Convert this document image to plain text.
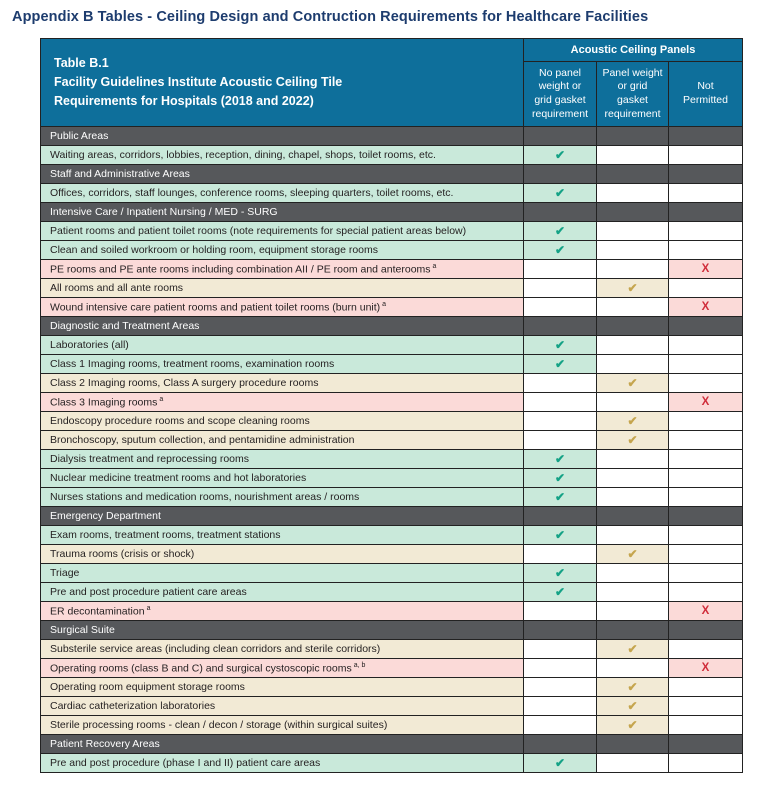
Appendix B Tables - Ceiling Design and Contruction Requirements for Healthcare Facilities
Table B.1
Facility Guidelines Institute Acoustic Ceiling Tile
Requirements for Hospitals (2018 and 2022)	Acoustic Ceiling Panels		
	No panel weight or grid gasket requirement	Panel weight or grid gasket requirement	Not Permitted
Public Areas			
Waiting areas, corridors, lobbies, reception, dining, chapel, shops, toilet rooms, etc.	✔		
Staff and Administrative Areas			
Offices, corridors, staff lounges, conference rooms, sleeping quarters, toilet rooms, etc.	✔		
Intensive Care / Inpatient Nursing / MED - SURG			
Patient rooms and patient toilet rooms (note requirements for special patient areas below)	✔		
Clean and soiled workroom or holding room, equipment storage rooms	✔		
PE rooms and PE ante rooms including combination AII / PE room and anterooms $^a$			X
All rooms and all ante rooms		✔	
Wound intensive care patient rooms and patient toilet rooms (burn unit) $^a$			X
Diagnostic and Treatment Areas			
Laboratories (all)	✔		
Class 1 Imaging rooms, treatment rooms, examination rooms	✔		
Class 2 Imaging rooms, Class A surgery procedure rooms		✔	
Class 3 Imaging rooms $^a$			X
Endoscopy procedure rooms and scope cleaning rooms		✔	
Bronchoscopy, sputum collection, and pentamidine administration		✔	
Dialysis treatment and reprocessing rooms	✔		
Nuclear medicine treatment rooms and hot laboratories	✔		
Nurses stations and medication rooms, nourishment areas / rooms	✔		
Emergency Department			
Exam rooms, treatment rooms, treatment stations	✔		
Trauma rooms (crisis or shock)		✔	
Triage	✔		
Pre and post procedure patient care areas	✔		
ER decontamination $^a$			X
Surgical Suite			
Substerile service areas (including clean corridors and sterile corridors)		✔	
Operating rooms (class B and C) and surgical cystoscopic rooms $^{a, b}$			X
Operating room equipment storage rooms		✔	
Cardiac catheterization laboratories		✔	
Sterile processing rooms - clean / decon / storage (within surgical suites)		✔	
Patient Recovery Areas			
Pre and post procedure (phase I and II) patient care areas	✔		
